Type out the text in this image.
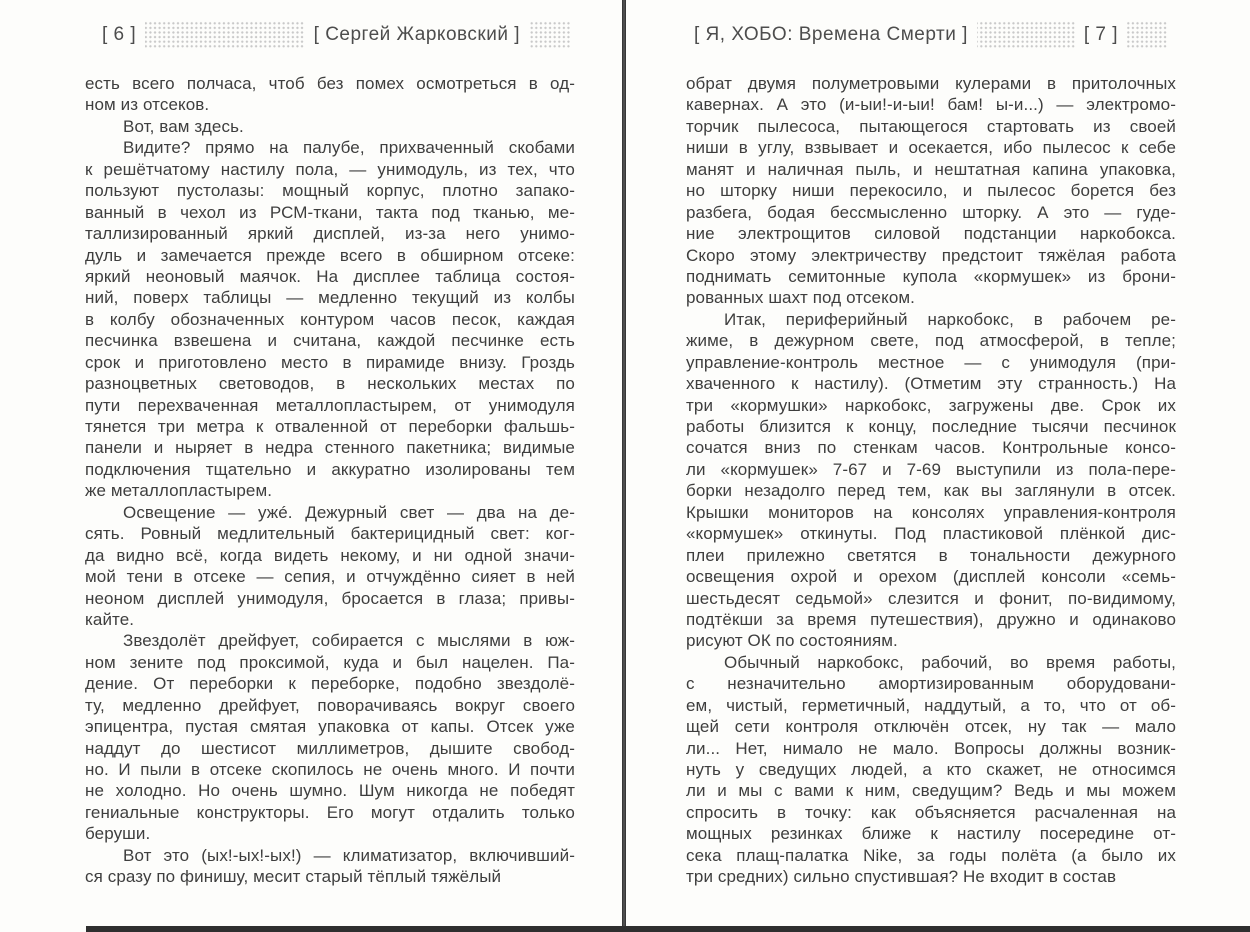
[ 6 ]	[ Сергей Жарковский ]	[ Я, ХОБО: Времена Смерти ]	[ 7 ]
есть всего полчаса, чтоб без помех осмотреться в од-
ном из отсеков.
Вот, вам здесь.
Видите? прямо на палубе, прихваченный скобами
к решётчатому настилу пола, — унимодуль, из тех, что
пользуют пустолазы: мощный корпус, плотно запако-
ванный в чехол из РСМ-ткани, такта под тканью, ме-
таллизированный яркий дисплей, из-за него унимо-
дуль и замечается прежде всего в обширном отсеке:
яркий неоновый маячок. На дисплее таблица состоя-
ний, поверх таблицы — медленно текущий из колбы
в колбу обозначенных контуром часов песок, каждая
песчинка взвешена и считана, каждой песчинке есть
срок и приготовлено место в пирамиде внизу. Гроздь
разноцветных световодов, в нескольких местах по
пути перехваченная металлопластырем, от унимодуля
тянется три метра к отваленной от переборки фальшь-
панели и ныряет в недра стенного пакетника; видимые
подключения тщательно и аккуратно изолированы тем
же металлопластырем.
Освещение — ужé. Дежурный свет — два на де-
сять. Ровный медлительный бактерицидный свет: ког-
да видно всё, когда видеть некому, и ни одной значи-
мой тени в отсеке — сепия, и отчуждённо сияет в ней
неоном дисплей унимодуля, бросается в глаза; привы-
кайте.
Звездолёт дрейфует, собирается с мыслями в юж-
ном зените под проксимой, куда и был нацелен. Па-
дение. От переборки к переборке, подобно звездолё-
ту, медленно дрейфует, поворачиваясь вокруг своего
эпицентра, пустая смятая упаковка от капы. Отсек уже
наддут до шестисот миллиметров, дышите свобод-
но. И пыли в отсеке скопилось не очень много. И почти
не холодно. Но очень шумно. Шум никогда не победят
гениальные конструкторы. Его могут отдалить только
беруши.
Вот это (ых!-ых!-ых!) — климатизатор, включивший-
ся сразу по финишу, месит старый тёплый тяжёлый
обрат двумя полуметровыми кулерами в притолочных
кавернах. А это (и-ыи!-и-ыи! бам! ы-и...) — электромо-
торчик пылесоса, пытающегося стартовать из своей
ниши в углу, взвывает и осекается, ибо пылесос к себе
манят и наличная пыль, и нештатная капина упаковка,
но шторку ниши перекосило, и пылесос борется без
разбега, бодая бессмысленно шторку. А это — гуде-
ние электрощитов силовой подстанции наркобокса.
Скоро этому электричеству предстоит тяжёлая работа
поднимать семитонные купола «кормушек» из брони-
рованных шахт под отсеком.
Итак, периферийный наркобокс, в рабочем ре-
жиме, в дежурном свете, под атмосферой, в тепле;
управление-контроль местное — с унимодуля (при-
хваченного к настилу). (Отметим эту странность.) На
три «кормушки» наркобокс, загружены две. Срок их
работы близится к концу, последние тысячи песчинок
сочатся вниз по стенкам часов. Контрольные консо-
ли «кормушек» 7-67 и 7-69 выступили из пола-пере-
борки незадолго перед тем, как вы заглянули в отсек.
Крышки мониторов на консолях управления-контроля
«кормушек» откинуты. Под пластиковой плёнкой дис-
плеи прилежно светятся в тональности дежурного
освещения охрой и орехом (дисплей консоли «семь-
шестьдесят седьмой» слезится и фонит, по-видимому,
подтёкши за время путешествия), дружно и одинаково
рисуют ОК по состояниям.
Обычный наркобокс, рабочий, во время работы,
с незначительно амортизированным оборудовани-
ем, чистый, герметичный, наддутый, а то, что от об-
щей сети контроля отключён отсек, ну так — мало
ли... Нет, нимало не мало. Вопросы должны возник-
нуть у сведущих людей, а кто скажет, не относимся
ли и мы с вами к ним, сведущим? Ведь и мы можем
спросить в точку: как объясняется расчаленная на
мощных резинках ближе к настилу посередине от-
сека плащ-палатка Nike, за годы полёта (а было их
три средних) сильно спустившая? Не входит в состав
